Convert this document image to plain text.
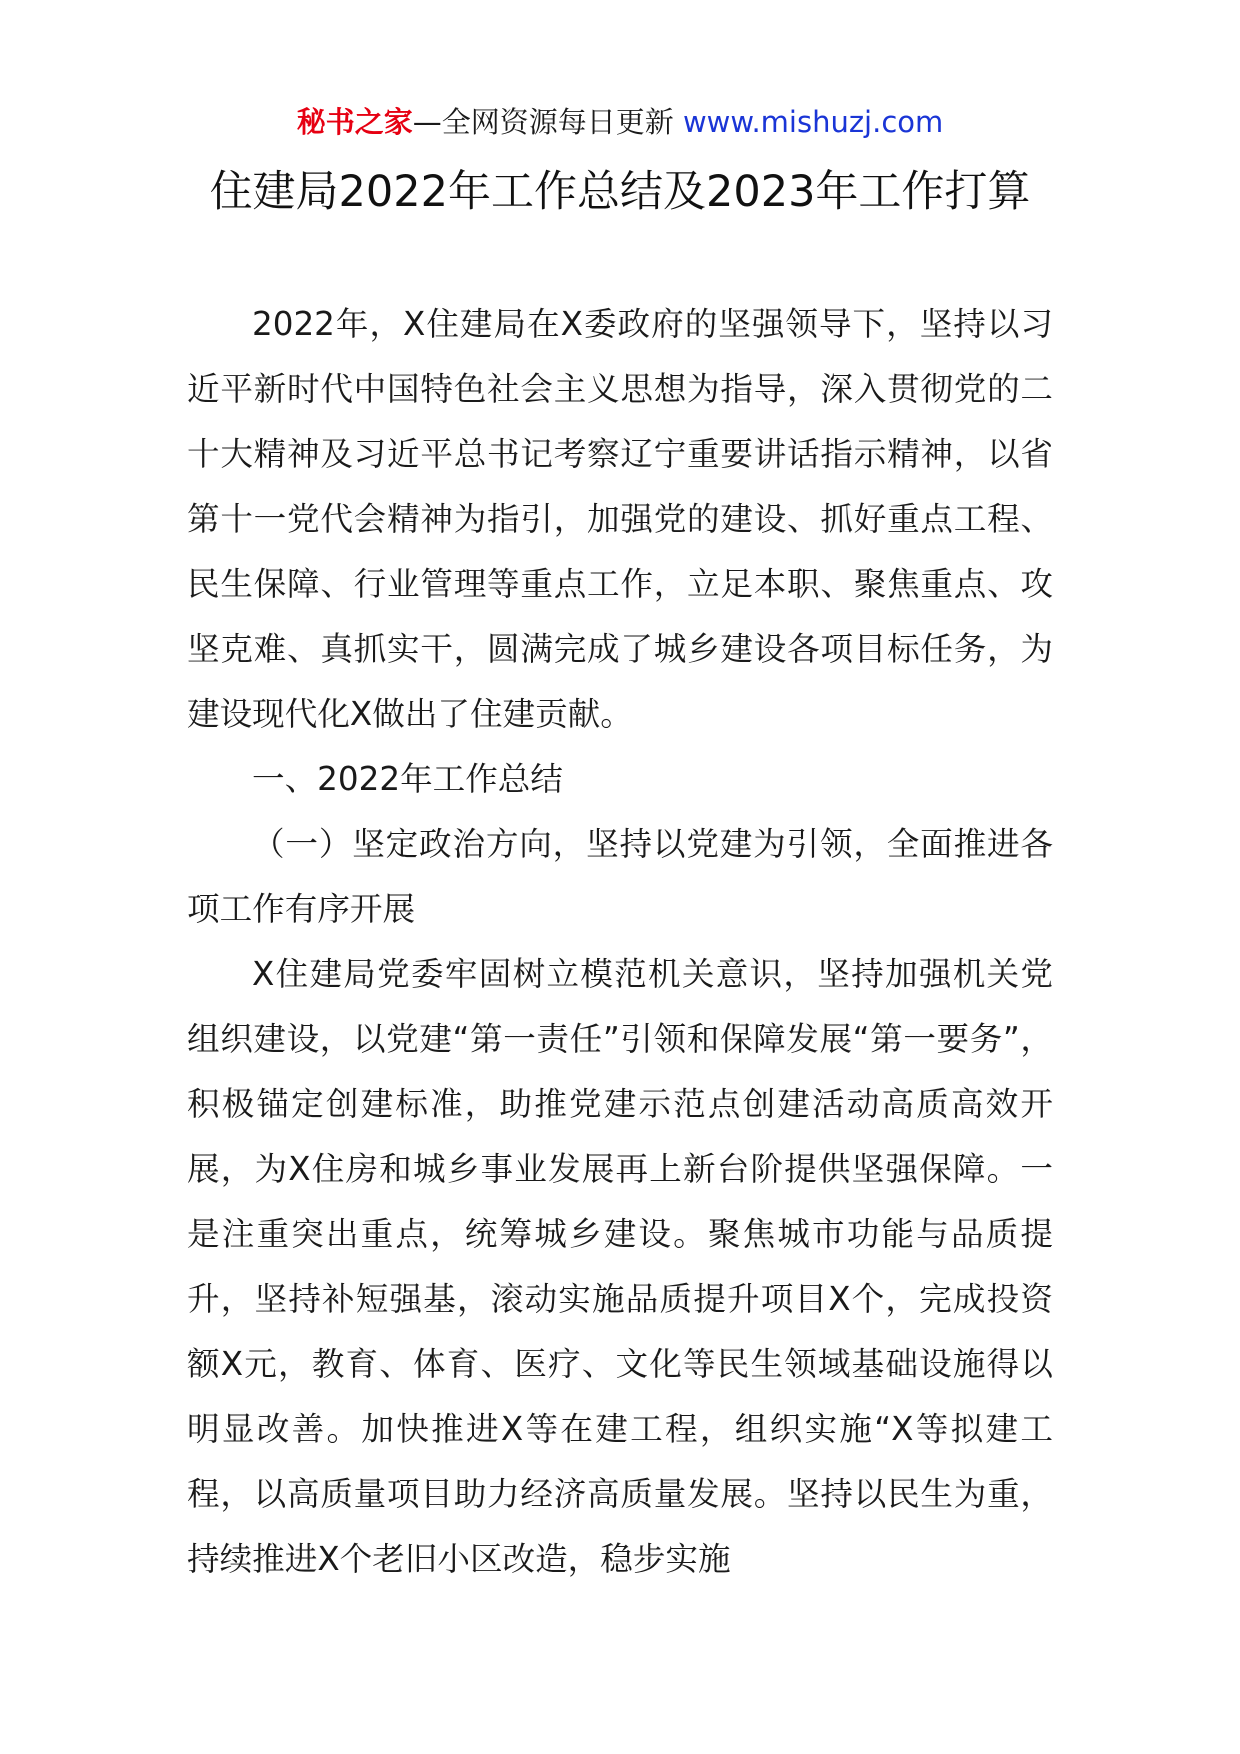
秘书之家—全网资源每日更新 www.mishuzj.com
住建局2022年工作总结及2023年工作打算

2022年，X住建局在X委政府的坚强领导下，坚持以习近平新时代中国特色社会主义思想为指导，深入贯彻党的二十大精神及习近平总书记考察辽宁重要讲话指示精神，以省第十一党代会精神为指引，加强党的建设、抓好重点工程、民生保障、行业管理等重点工作，立足本职、聚焦重点、攻坚克难、真抓实干，圆满完成了城乡建设各项目标任务，为建设现代化X做出了住建贡献。

一、2022年工作总结

（一）坚定政治方向，坚持以党建为引领，全面推进各项工作有序开展

X住建局党委牢固树立模范机关意识，坚持加强机关党组织建设，以党建“第一责任”引领和保障发展“第一要务”，积极锚定创建标准，助推党建示范点创建活动高质高效开展，为X住房和城乡事业发展再上新台阶提供坚强保障。一是注重突出重点，统筹城乡建设。聚焦城市功能与品质提升，坚持补短强基，滚动实施品质提升项目X个，完成投资额X元，教育、体育、医疗、文化等民生领域基础设施得以明显改善。加快推进X等在建工程，组织实施“X等拟建工程，以高质量项目助力经济高质量发展。坚持以民生为重，持续推进X个老旧小区改造，稳步实施
